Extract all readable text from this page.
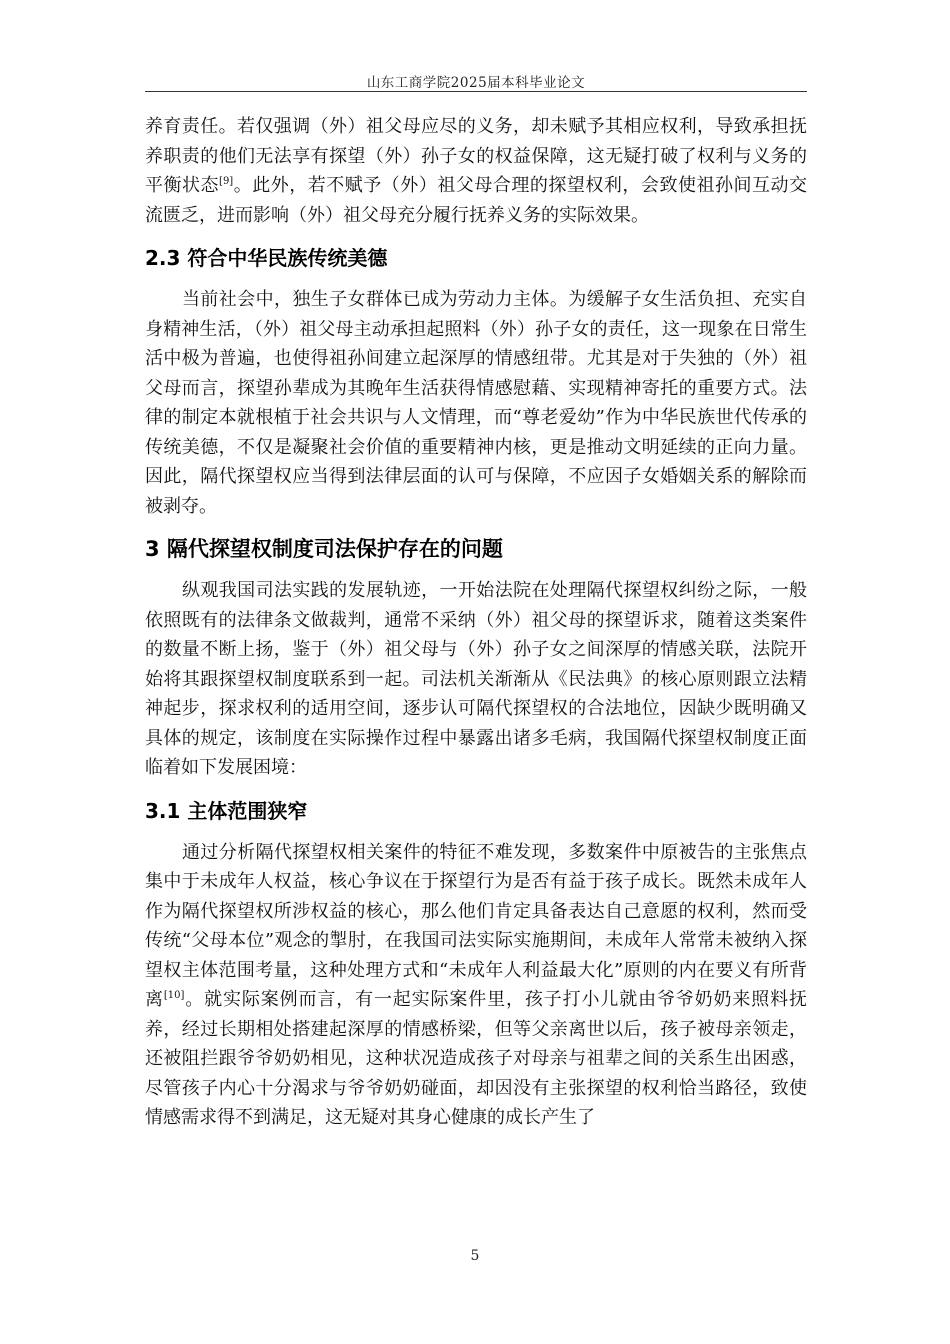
山东工商学院2025届本科毕业论文

养育责任。若仅强调（外）祖父母应尽的义务，却未赋予其相应权利，导致承担抚养职责的他们无法享有探望（外）孙子女的权益保障，这无疑打破了权利与义务的平衡状态[9]。此外，若不赋予（外）祖父母合理的探望权利，会致使祖孙间互动交流匮乏，进而影响（外）祖父母充分履行抚养义务的实际效果。

2.3 符合中华民族传统美德

当前社会中，独生子女群体已成为劳动力主体。为缓解子女生活负担、充实自身精神生活，（外）祖父母主动承担起照料（外）孙子女的责任，这一现象在日常生活中极为普遍，也使得祖孙间建立起深厚的情感纽带。尤其是对于失独的（外）祖父母而言，探望孙辈成为其晚年生活获得情感慰藉、实现精神寄托的重要方式。法律的制定本就根植于社会共识与人文情理，而“尊老爱幼”作为中华民族世代传承的传统美德，不仅是凝聚社会价值的重要精神内核，更是推动文明延续的正向力量。因此，隔代探望权应当得到法律层面的认可与保障，不应因子女婚姻关系的解除而被剥夺。

3 隔代探望权制度司法保护存在的问题

纵观我国司法实践的发展轨迹，一开始法院在处理隔代探望权纠纷之际，一般依照既有的法律条文做裁判，通常不采纳（外）祖父母的探望诉求，随着这类案件的数量不断上扬，鉴于（外）祖父母与（外）孙子女之间深厚的情感关联，法院开始将其跟探望权制度联系到一起。司法机关渐渐从《民法典》的核心原则跟立法精神起步，探求权利的适用空间，逐步认可隔代探望权的合法地位，因缺少既明确又具体的规定，该制度在实际操作过程中暴露出诸多毛病，我国隔代探望权制度正面临着如下发展困境：

3.1 主体范围狭窄

通过分析隔代探望权相关案件的特征不难发现，多数案件中原被告的主张焦点集中于未成年人权益，核心争议在于探望行为是否有益于孩子成长。既然未成年人作为隔代探望权所涉权益的核心，那么他们肯定具备表达自己意愿的权利，然而受传统“父母本位”观念的掣肘，在我国司法实际实施期间，未成年人常常未被纳入探望权主体范围考量，这种处理方式和“未成年人利益最大化”原则的内在要义有所背离[10]。就实际案例而言，有一起实际案件里，孩子打小儿就由爷爷奶奶来照料抚养，经过长期相处搭建起深厚的情感桥梁，但等父亲离世以后，孩子被母亲领走，还被阻拦跟爷爷奶奶相见，这种状况造成孩子对母亲与祖辈之间的关系生出困惑，尽管孩子内心十分渴求与爷爷奶奶碰面，却因没有主张探望的权利恰当路径，致使情感需求得不到满足，这无疑对其身心健康的成长产生了

5
